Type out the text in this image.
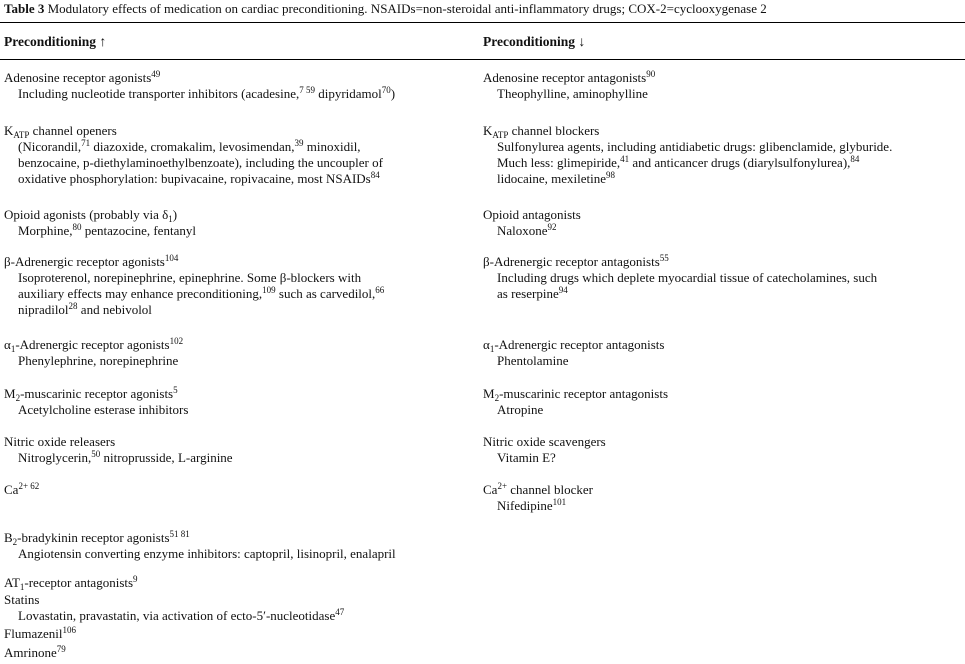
Table 3 Modulatory effects of medication on cardiac preconditioning. NSAIDs=non-steroidal anti-inflammatory drugs; COX-2=cyclooxygenase 2
Preconditioning ↑	Preconditioning ↓
Adenosine receptor agonists$^{49}$
Including nucleotide transporter inhibitors (acadesine,$^{7 59}$ dipyridamol$^{70}$)
$K_{ATP}$ channel openers
(Nicorandil,$^{71}$ diazoxide, cromakalim, levosimendan,$^{39}$ minoxidil,
benzocaine, p-diethylaminoethylbenzoate), including the uncoupler of
oxidative phosphorylation: bupivacaine, ropivacaine, most NSAIDs$^{84}$
Opioid agonists (probably via $\delta_1$)
Morphine,$^{80}$ pentazocine, fentanyl
β-Adrenergic receptor agonists$^{104}$
Isoproterenol, norepinephrine, epinephrine. Some β-blockers with
auxiliary effects may enhance preconditioning,$^{109}$ such as carvedilol,$^{66}$
nipradilol$^{28}$ and nebivolol
$\alpha_1$-Adrenergic receptor agonists$^{102}$
Phenylephrine, norepinephrine
$M_2$-muscarinic receptor agonists$^5$
Acetylcholine esterase inhibitors
Nitric oxide releasers
Nitroglycerin,$^{50}$ nitroprusside, L-arginine
$Ca^{2+ 62}$
$B_2$-bradykinin receptor agonists$^{51 81}$
Angiotensin converting enzyme inhibitors: captopril, lisinopril, enalapril
$AT_1$-receptor antagonists$^9$
Statins
Lovastatin, pravastatin, via activation of ecto-5′-nucleotidase$^{47}$
Flumazenil$^{106}$
Amrinone$^{79}$
Adenosine receptor antagonists$^{90}$
Theophylline, aminophylline
$K_{ATP}$ channel blockers
Sulfonylurea agents, including antidiabetic drugs: glibenclamide, glyburide.
Much less: glimepiride,$^{41}$ and anticancer drugs (diarylsulfonylurea),$^{84}$
lidocaine, mexiletine$^{98}$
Opioid antagonists
Naloxone$^{92}$
β-Adrenergic receptor antagonists$^{55}$
Including drugs which deplete myocardial tissue of catecholamines, such
as reserpine$^{94}$
$\alpha_1$-Adrenergic receptor antagonists
Phentolamine
$M_2$-muscarinic receptor antagonists
Atropine
Nitric oxide scavengers
Vitamin E?
$Ca^{2+}$ channel blocker
Nifedipine$^{101}$
